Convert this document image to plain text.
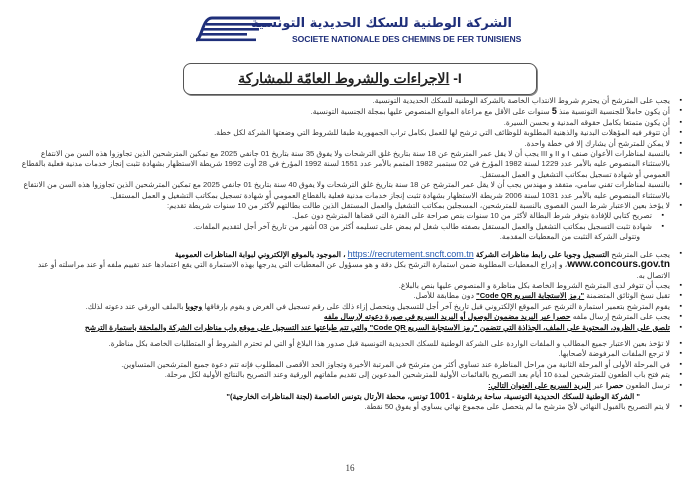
الشركة الوطنية للسكك الحديدية التونسية
SOCIETE NATIONALE DES CHEMINS DE FER TUNISIENS
I- الاجراءات والشروط العامّة للمشاركة
▪ يجب على المترشح أن يحترم شروط الانتداب الخاصة بالشركة الوطنية للسكك الحديدية التونسية.
▪ أن يكون حاملاً للجنسية التونسية منذ 5 سنوات على الأقل مع مراعاة الموانع المنصوص عليها بمجلة الجنسية التونسية.
▪ أن يكون متمتعا بكامل حقوقه المدنية و بحسن السيرة.
▪ أن تتوفر فيه المؤهلات البدنية والذهنية المطلوبة للوظائف التي ترشح لها للعمل بكامل تراب الجمهورية طبقا للشروط التي وضعتها الشركة لكل خطة.
▪ لا يمكن للمترشح أن يشارك إلا في خطة واحدة.
▪ بالنسبة لمناظرات الأعوان صنف I و II و III يجب أن لا يقل عمر المترشح عن 18 سنة بتاريخ غلق الترشحات ولا يفوق 35 سنة بتاريخ 01 جانفي 2025 مع تمكين المترشحين الذين تجاوزوا هذه السن من الانتفاع بالاستثناء المنصوص عليه بالأمر عدد 1229 لسنة 1982 المؤرخ في 02 سبتمبر 1982 المتمم بالأمر عدد 1551 لسنة 1992 المؤرخ في 28 أوت 1992 شريطة الاستظهار بشهادة تثبت إنجاز خدمات مدنية فعلية بالقطاع العمومي أو شهادة تسجيل بمكاتب التشغيل و العمل المستقل.
▪ بالنسبة لمناظرات تقني سامي، متفقد و مهندس يجب أن لا يقل عمر المترشح عن 18 سنة بتاريخ غلق الترشحات ولا يفوق 40 سنة بتاريخ 01 جانفي 2025 مع تمكين المترشحين الذين تجاوزوا هذه السن من الانتفاع بالاستثناء المنصوص عليه بالأمر عدد 1031 لسنة 2006 شريطة الاستظهار بشهادة تثبت إنجاز خدمات مدنية فعلية بالقطاع العمومي أو شهادة تسجيل بمكاتب التشغيل و العمل المستقل.
▪ لا يؤخذ بعين الاعتبار شرط السن القصوى بالنسبة للمترشحين، المسجلين بمكاتب التشغيل والعمل المستقل الذين طالت بطالتهم لأكثر من 10 سنوات شريطة تقديم:
▪ تصريح كتابي للإفادة بتوفر شرط البطالة لأكثر من 10 سنوات بنص صراحة على الفترة التي قضاها المترشح دون عمل.
▪ شهادة تثبت التسجيل بمكاتب التشغيل والعمل المستقل بصفته طالب شغل لم يمض على تسليمه أكثر من 03 أشهر من تاريخ آخر أجل لتقديم الملفات.
وتتولى الشركة التثبت من المعطيات المقدمة.
▪ يجب على المترشح التسجيل وجوبا على رابط مناظرات الشركة https://recrutement.sncft.com.tn ، الموجود بالموقع الإلكتروني لبوابة المناظرات العمومية
www.concours.gov.tn، و إدراج المعطيات المطلوبة ضمن استمارة الترشح بكل دقة و هو مسؤول عن المعطيات التي يدرجها بهذه الاستمارة التي يقع اعتمادها عند تقييم ملفه أو عند مراسلته أو عند الاتصال به.
▪ يجب أن تتوفر لدى المترشح الشروط الخاصة بكل مناظرة و المنصوص عليها بنص بالبلاغ.
▪ تقبل نسخ الوثائق المتضمنة "رمز الاستجابة السريع Code QR" دون مطابقة للأصل.
▪ يقوم المترشح بتعمير استمارة الترشح عبر الموقع الإلكتروني قبل تاريخ آخر أجل للتسجيل ويتحصل إزاء ذلك على رقم تسجيل في الغرض و يقوم بإرفاقها وجوبا بالملف الورقي عند دعوته لذلك.
▪ يجب على المترشح إرسال ملفه حصرا عبر البريد مضمون الوصول أو البريد السريع في صورة دعوته لإرسال ملفه
▪ تلصق على الظرود، المحتوية على الملف، الجذاذة التي تتضمن "رمز الاستجابة السريع Code QR" والتي تتم طباعتها عند التسجيل على موقع واب مناظرات الشركة والملحقة باستمارة الترشح
▪ لا تؤخذ بعين الاعتبار جميع المطالب و الملفات الواردة على الشركة الوطنية للسكك الحديدية التونسية قبل صدور هذا البلاغ أو التي لم تحترم الشروط أو المتطلبات الخاصة بكل مناظرة.
▪ لا ترجع الملفات المرفوضة لأصحابها.
▪ في المرحلة الأولى أو المرحلة الثانية من مراحل المناظرة عند تساوي أكثر من مترشح في المرتبة الأخيرة وتجاوز الحد الأقصى المطلوب فإنه تتم دعوة جميع المترشحين المتساوين.
▪ يتم فتح باب الطعون للمترشحين لمدة 10 أيام بعد التصريح بالقائمات الأولية للمترشحين المدعوين إلى تقديم ملفاتهم الورقية وعند التصريح بالنتائج الأولية لكل مرحلة.
▪ ترسل الطعون حصرا عبر البريد السريع على العنوان التالي:
" الشركة الوطنية للسكك الحديدية التونسية، ساحة برشلونة - 1001 تونس، محطة الأرتال بتونس العاصمة (لجنة المناظرات الخارجية)"
▪ لا يتم التصريح بالقبول النهائي لأيّ مترشح ما لم يتحصل على مجموع نهائي يساوي أو يفوق 50 نقطة.
16
